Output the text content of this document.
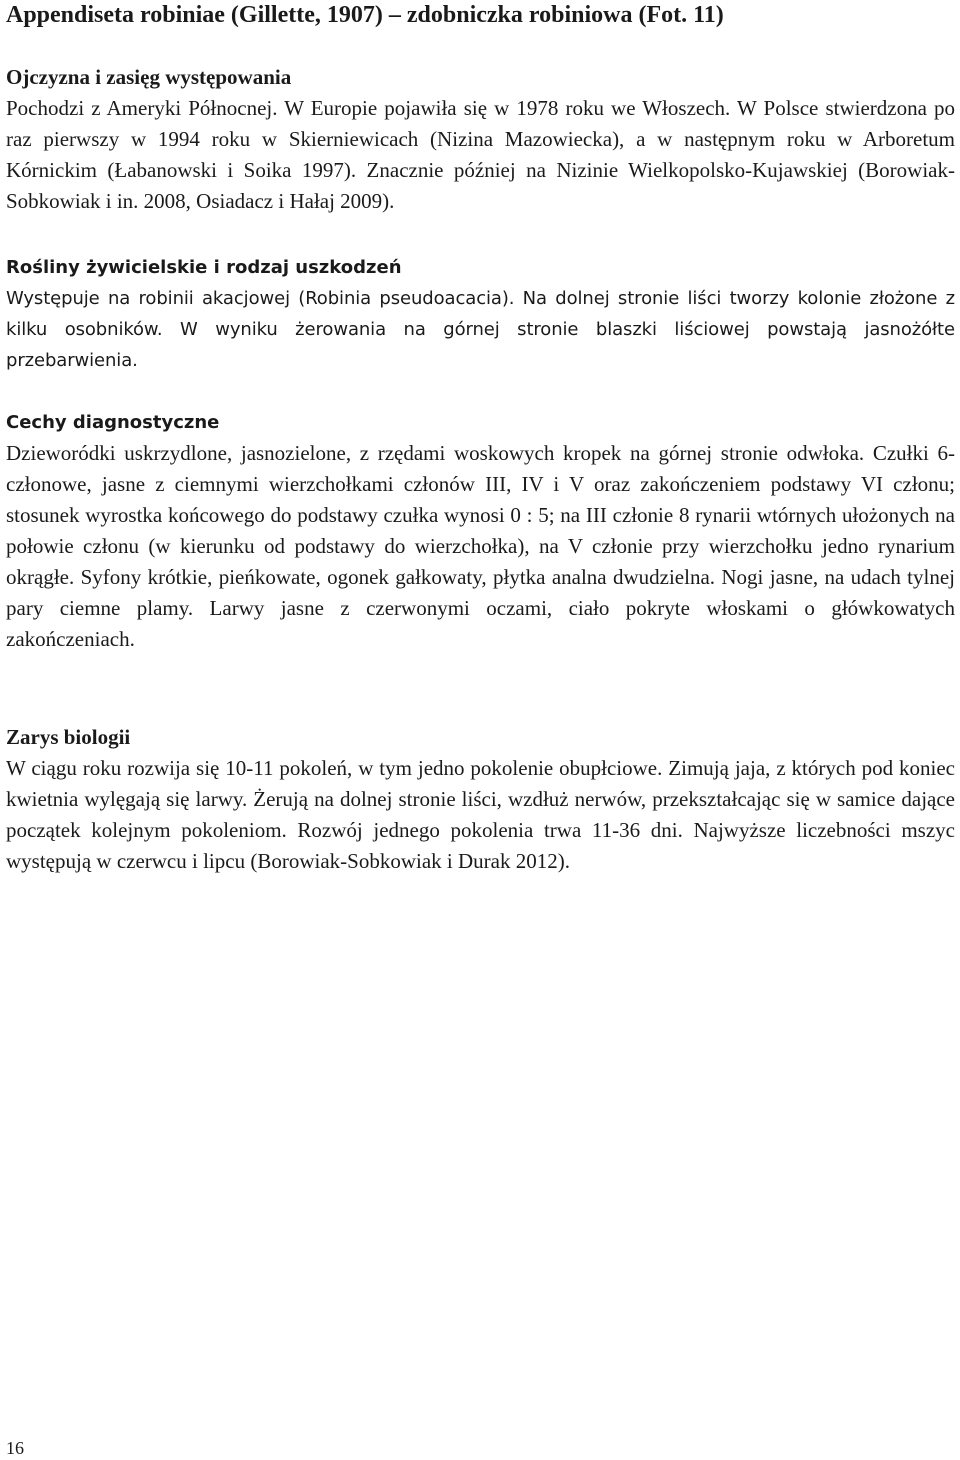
Appendiseta robiniae (Gillette, 1907) – zdobniczka robiniowa (Fot. 11)
Ojczyzna i zasięg występowania

Pochodzi z Ameryki Północnej. W Europie pojawiła się w 1978 roku we Włoszech. W Polsce stwierdzona po raz pierwszy w 1994 roku w Skierniewicach (Nizina Mazowiecka), a w następnym roku w Arboretum Kórnickim (Łabanowski i Soika 1997). Znacznie później na Nizinie Wielkopolsko-Kujawskiej (Borowiak-Sobkowiak i in. 2008, Osiadacz i Hałaj 2009).

Rośliny żywicielskie i rodzaj uszkodzeń

Występuje na robinii akacjowej (Robinia pseudoacacia). Na dolnej stronie liści tworzy kolonie złożone z kilku osobników. W wyniku żerowania na górnej stronie blaszki liściowej powstają jasnożółte przebarwienia.

Cechy diagnostyczne

Dzieworódki uskrzydlone, jasnozielone, z rzędami woskowych kropek na górnej stronie odwłoka. Czułki 6-członowe, jasne z ciemnymi wierzchołkami członów III, IV i V oraz zakończeniem podstawy VI członu; stosunek wyrostka końcowego do podstawy czułka wynosi 0 : 5; na III członie 8 rynarii wtórnych ułożonych na połowie członu (w kierunku od podstawy do wierzchołka), na V członie przy wierzchołku jedno rynarium okrągłe. Syfony krótkie, pieńkowate, ogonek gałkowaty, płytka analna dwudzielna. Nogi jasne, na udach tylnej pary ciemne plamy. Larwy jasne z czerwonymi oczami, ciało pokryte włoskami o główkowatych zakończeniach.

Zarys biologii

W ciągu roku rozwija się 10-11 pokoleń, w tym jedno pokolenie obupłciowe. Zimują jaja, z których pod koniec kwietnia wylęgają się larwy. Żerują na dolnej stronie liści, wzdłuż nerwów, przekształcając się w samice dające początek kolejnym pokoleniom. Rozwój jednego pokolenia trwa 11-36 dni. Najwyższe liczebności mszyc występują w czerwcu i lipcu (Borowiak-Sobkowiak i Durak 2012).

16
